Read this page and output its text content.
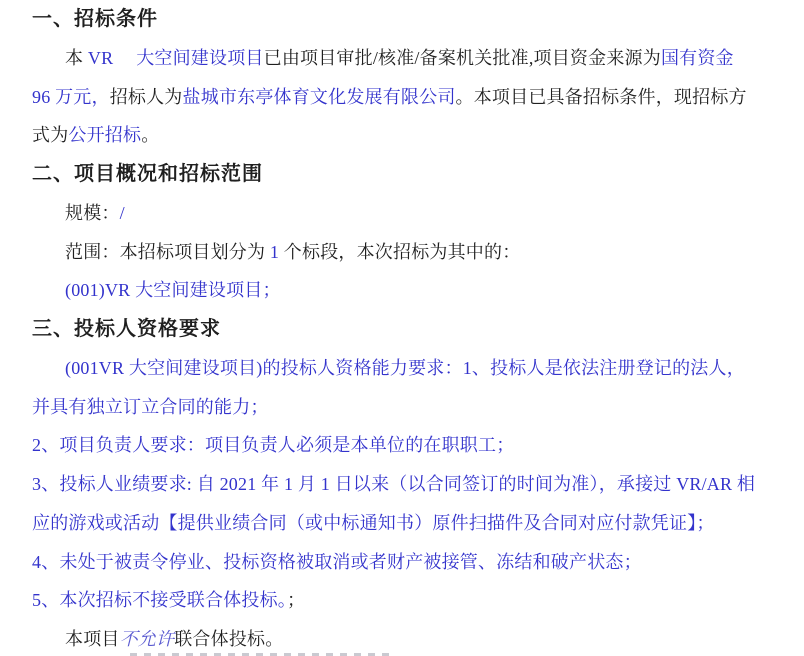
一、招标条件
本 VR　 大空间建设项目已由项目审批/核准/备案机关批准,项目资金来源为国有资金
96 万元，招标人为盐城市东亭体育文化发展有限公司。本项目已具备招标条件，现招标方
式为公开招标。
二、项目概况和招标范围
规模：/
范围：本招标项目划分为 1 个标段，本次招标为其中的：
(001)VR 大空间建设项目；
三、投标人资格要求
(001VR 大空间建设项目)的投标人资格能力要求：1、投标人是依法注册登记的法人，
并具有独立订立合同的能力；
2、项目负责人要求：项目负责人必须是本单位的在职职工；
3、投标人业绩要求: 自 2021 年 1 月 1 日以来（以合同签订的时间为准），承接过 VR/AR 相
应的游戏或活动【提供业绩合同（或中标通知书）原件扫描件及合同对应付款凭证】；
4、未处于被责令停业、投标资格被取消或者财产被接管、冻结和破产状态；
5、本次招标不接受联合体投标。；
本项目不允许联合体投标。
